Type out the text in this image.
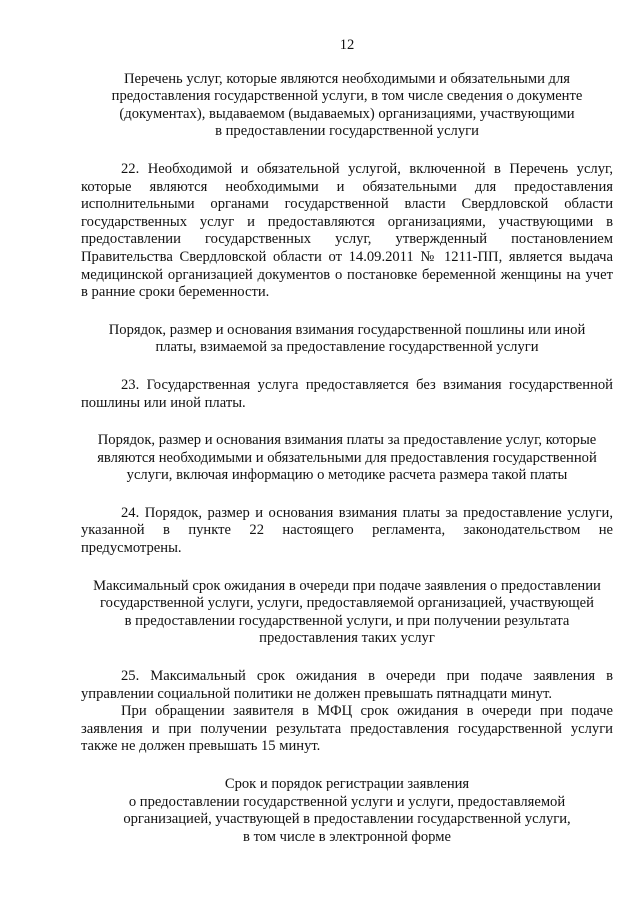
12
Перечень услуг, которые являются необходимыми и обязательными для
предоставления государственной услуги, в том числе сведения о документе
(документах), выдаваемом (выдаваемых) организациями, участвующими
в предоставлении государственной услуги

22. Необходимой и обязательной услугой, включенной в Перечень услуг, которые являются необходимыми и обязательными для предоставления исполнительными органами государственной власти Свердловской области государственных услуг и предоставляются организациями, участвующими в предоставлении государственных услуг, утвержденный постановлением Правительства Свердловской области от 14.09.2011 № 1211-ПП, является выдача медицинской организацией документов о постановке беременной женщины на учет в ранние сроки беременности.

Порядок, размер и основания взимания государственной пошлины или иной
платы, взимаемой за предоставление государственной услуги

23. Государственная услуга предоставляется без взимания государственной пошлины или иной платы.

Порядок, размер и основания взимания платы за предоставление услуг, которые
являются необходимыми и обязательными для предоставления государственной
услуги, включая информацию о методике расчета размера такой платы

24. Порядок, размер и основания взимания платы за предоставление услуги, указанной в пункте 22 настоящего регламента, законодательством не предусмотрены.

Максимальный срок ожидания в очереди при подаче заявления о предоставлении
государственной услуги, услуги, предоставляемой организацией, участвующей
в предоставлении государственной услуги, и при получении результата
предоставления таких услуг

25. Максимальный срок ожидания в очереди при подаче заявления в управлении социальной политики не должен превышать пятнадцати минут.

При обращении заявителя в МФЦ срок ожидания в очереди при подаче заявления и при получении результата предоставления государственной услуги также не должен превышать 15 минут.

Срок и порядок регистрации заявления
о предоставлении государственной услуги и услуги, предоставляемой
организацией, участвующей в предоставлении государственной услуги,
в том числе в электронной форме
